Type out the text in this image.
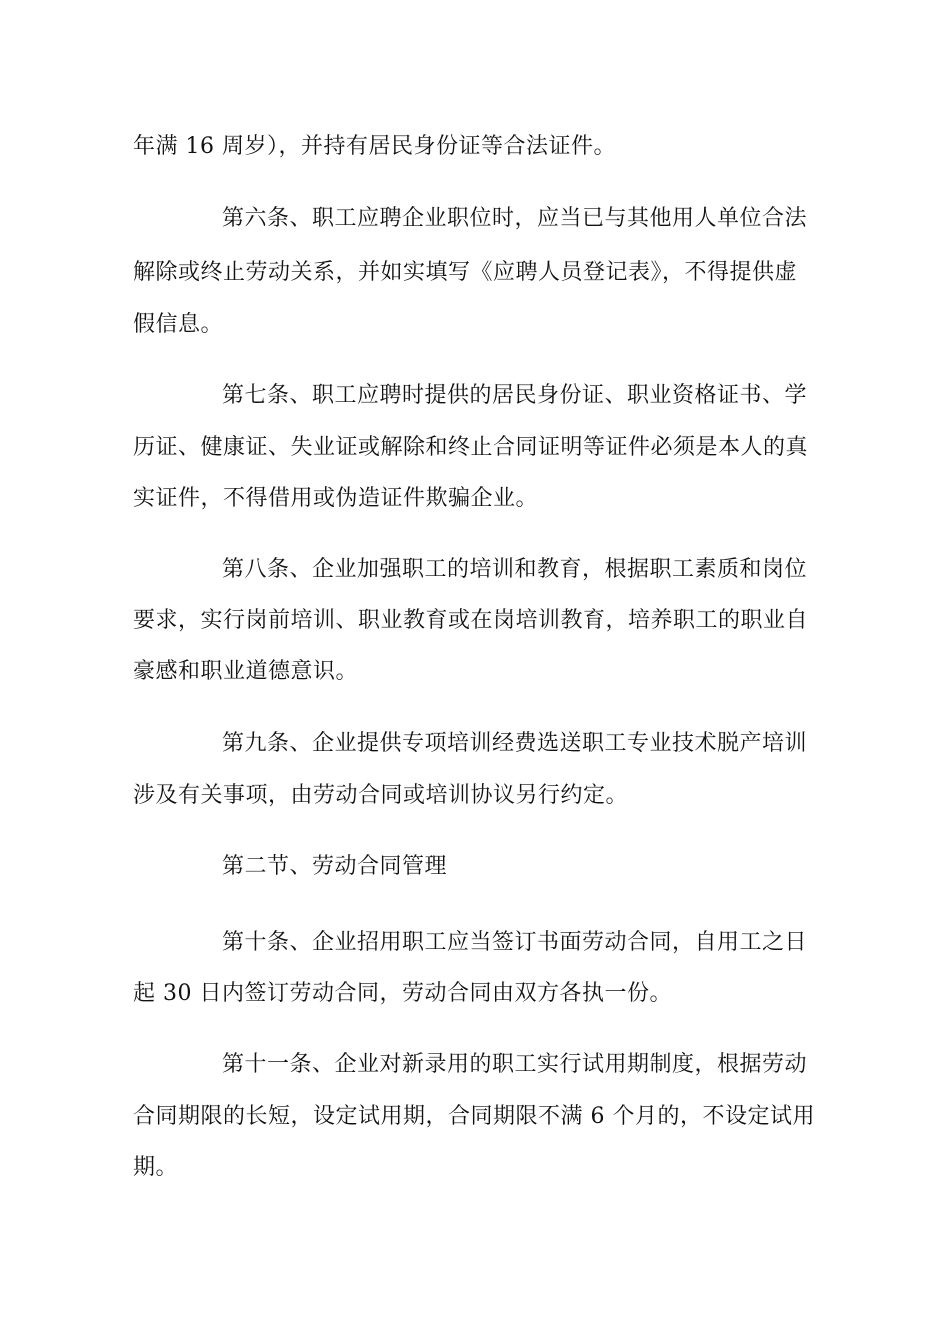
年满 16 周岁），并持有居民身份证等合法证件。
第六条、职工应聘企业职位时，应当已与其他用人单位合法
解除或终止劳动关系，并如实填写《应聘人员登记表》，不得提供虚
假信息。
第七条、职工应聘时提供的居民身份证、职业资格证书、学
历证、健康证、失业证或解除和终止合同证明等证件必须是本人的真
实证件，不得借用或伪造证件欺骗企业。
第八条、企业加强职工的培训和教育，根据职工素质和岗位
要求，实行岗前培训、职业教育或在岗培训教育，培养职工的职业自
豪感和职业道德意识。
第九条、企业提供专项培训经费选送职工专业技术脱产培训
涉及有关事项，由劳动合同或培训协议另行约定。
第二节、劳动合同管理
第十条、企业招用职工应当签订书面劳动合同，自用工之日
起 30 日内签订劳动合同，劳动合同由双方各执一份。
第十一条、企业对新录用的职工实行试用期制度，根据劳动
合同期限的长短，设定试用期，合同期限不满 6 个月的，不设定试用
期。
